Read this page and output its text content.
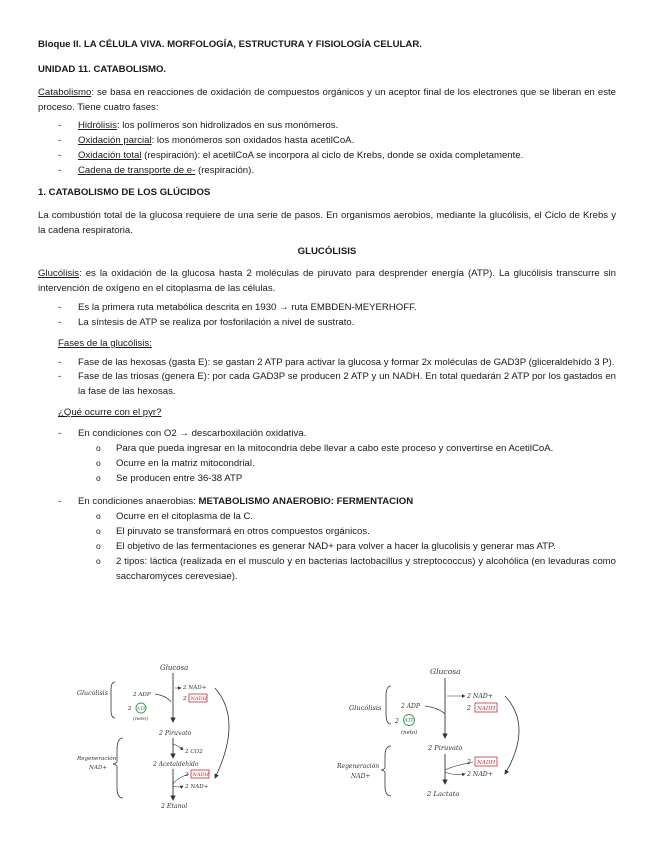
Bloque II. LA CÉLULA VIVA. MORFOLOGÍA, ESTRUCTURA Y FISIOLOGÍA CELULAR.

UNIDAD 11. CATABOLISMO.

Catabolismo: se basa en reacciones de oxidación de compuestos orgánicos y un aceptor final de los electrones que se liberan en este proceso. Tiene cuatro fases:

- Hidrólisis: los polímeros son hidrolizados en sus monómeros.
- Oxidación parcial: los monómeros son oxidados hasta acetilCoA.
- Oxidación total (respiración): el acetilCoA se incorpora al ciclo de Krebs, donde se oxida completamente.
- Cadena de transporte de e- (respiración).

1. CATABOLISMO DE LOS GLÚCIDOS

La combustión total de la glucosa requiere de una serie de pasos. En organismos aerobios, mediante la glucólisis, el Ciclo de Krebs y la cadena respiratoria.

GLUCÓLISIS

Glucólisis: es la oxidación de la glucosa hasta 2 moléculas de piruvato para desprender energía (ATP). La glucólisis transcurre sin intervención de oxígeno en el citoplasma de las células.

- Es la primera ruta metabólica descrita en 1930 → ruta EMBDEN-MEYERHOFF.
- La síntesis de ATP se realiza por fosforilación a nivel de sustrato.

Fases de la glucólisis:

- Fase de las hexosas (gasta E): se gastan 2 ATP para activar la glucosa y formar 2x moléculas de GAD3P (gliceraldehído 3 P).
- Fase de las triosas (genera E): por cada GAD3P se producen 2 ATP y un NADH. En total quedarán 2 ATP por los gastados en la fase de las hexosas.

¿Qué ocurre con el pyr?

- En condiciones con O2 → descarboxilación oxidativa.
o Para que pueda ingresar en la mitocondria debe llevar a cabo este proceso y convertirse en AcetilCoA.
o Ocurre en la matriz mitocondrial.
o Se producen entre 36-38 ATP
- En condiciones anaerobias: METABOLISMO ANAEROBIO: FERMENTACION
o Ocurre en el citoplasma de la C.
o El piruvato se transformará en otros compuestos orgánicos.
o El objetivo de las fermentaciones es generar NAD+ para volver a hacer la glucolisis y generar mas ATP.
o 2 tipos: láctica (realizada en el musculo y en bacterias lactobacillus y streptococcus) y alcohólica (en levaduras como saccharomyces cerevesiae).
Glucosa
Glucólisis	2 ADP
2 ATP
(neto)
2 NAD+
2 NADH
2 Piruvato
2 CO2
2 Acetaldehído
2 NADH
2 NAD+
Regeneración
NAD+
2 Etanol
Glucosa
Glucólisis	2 ADP
2 ATP
(neto)
2 NAD+
2 NADH
2 Piruvato
2 NADH
2 NAD+
Regeneración
NAD+
2 Lactato
